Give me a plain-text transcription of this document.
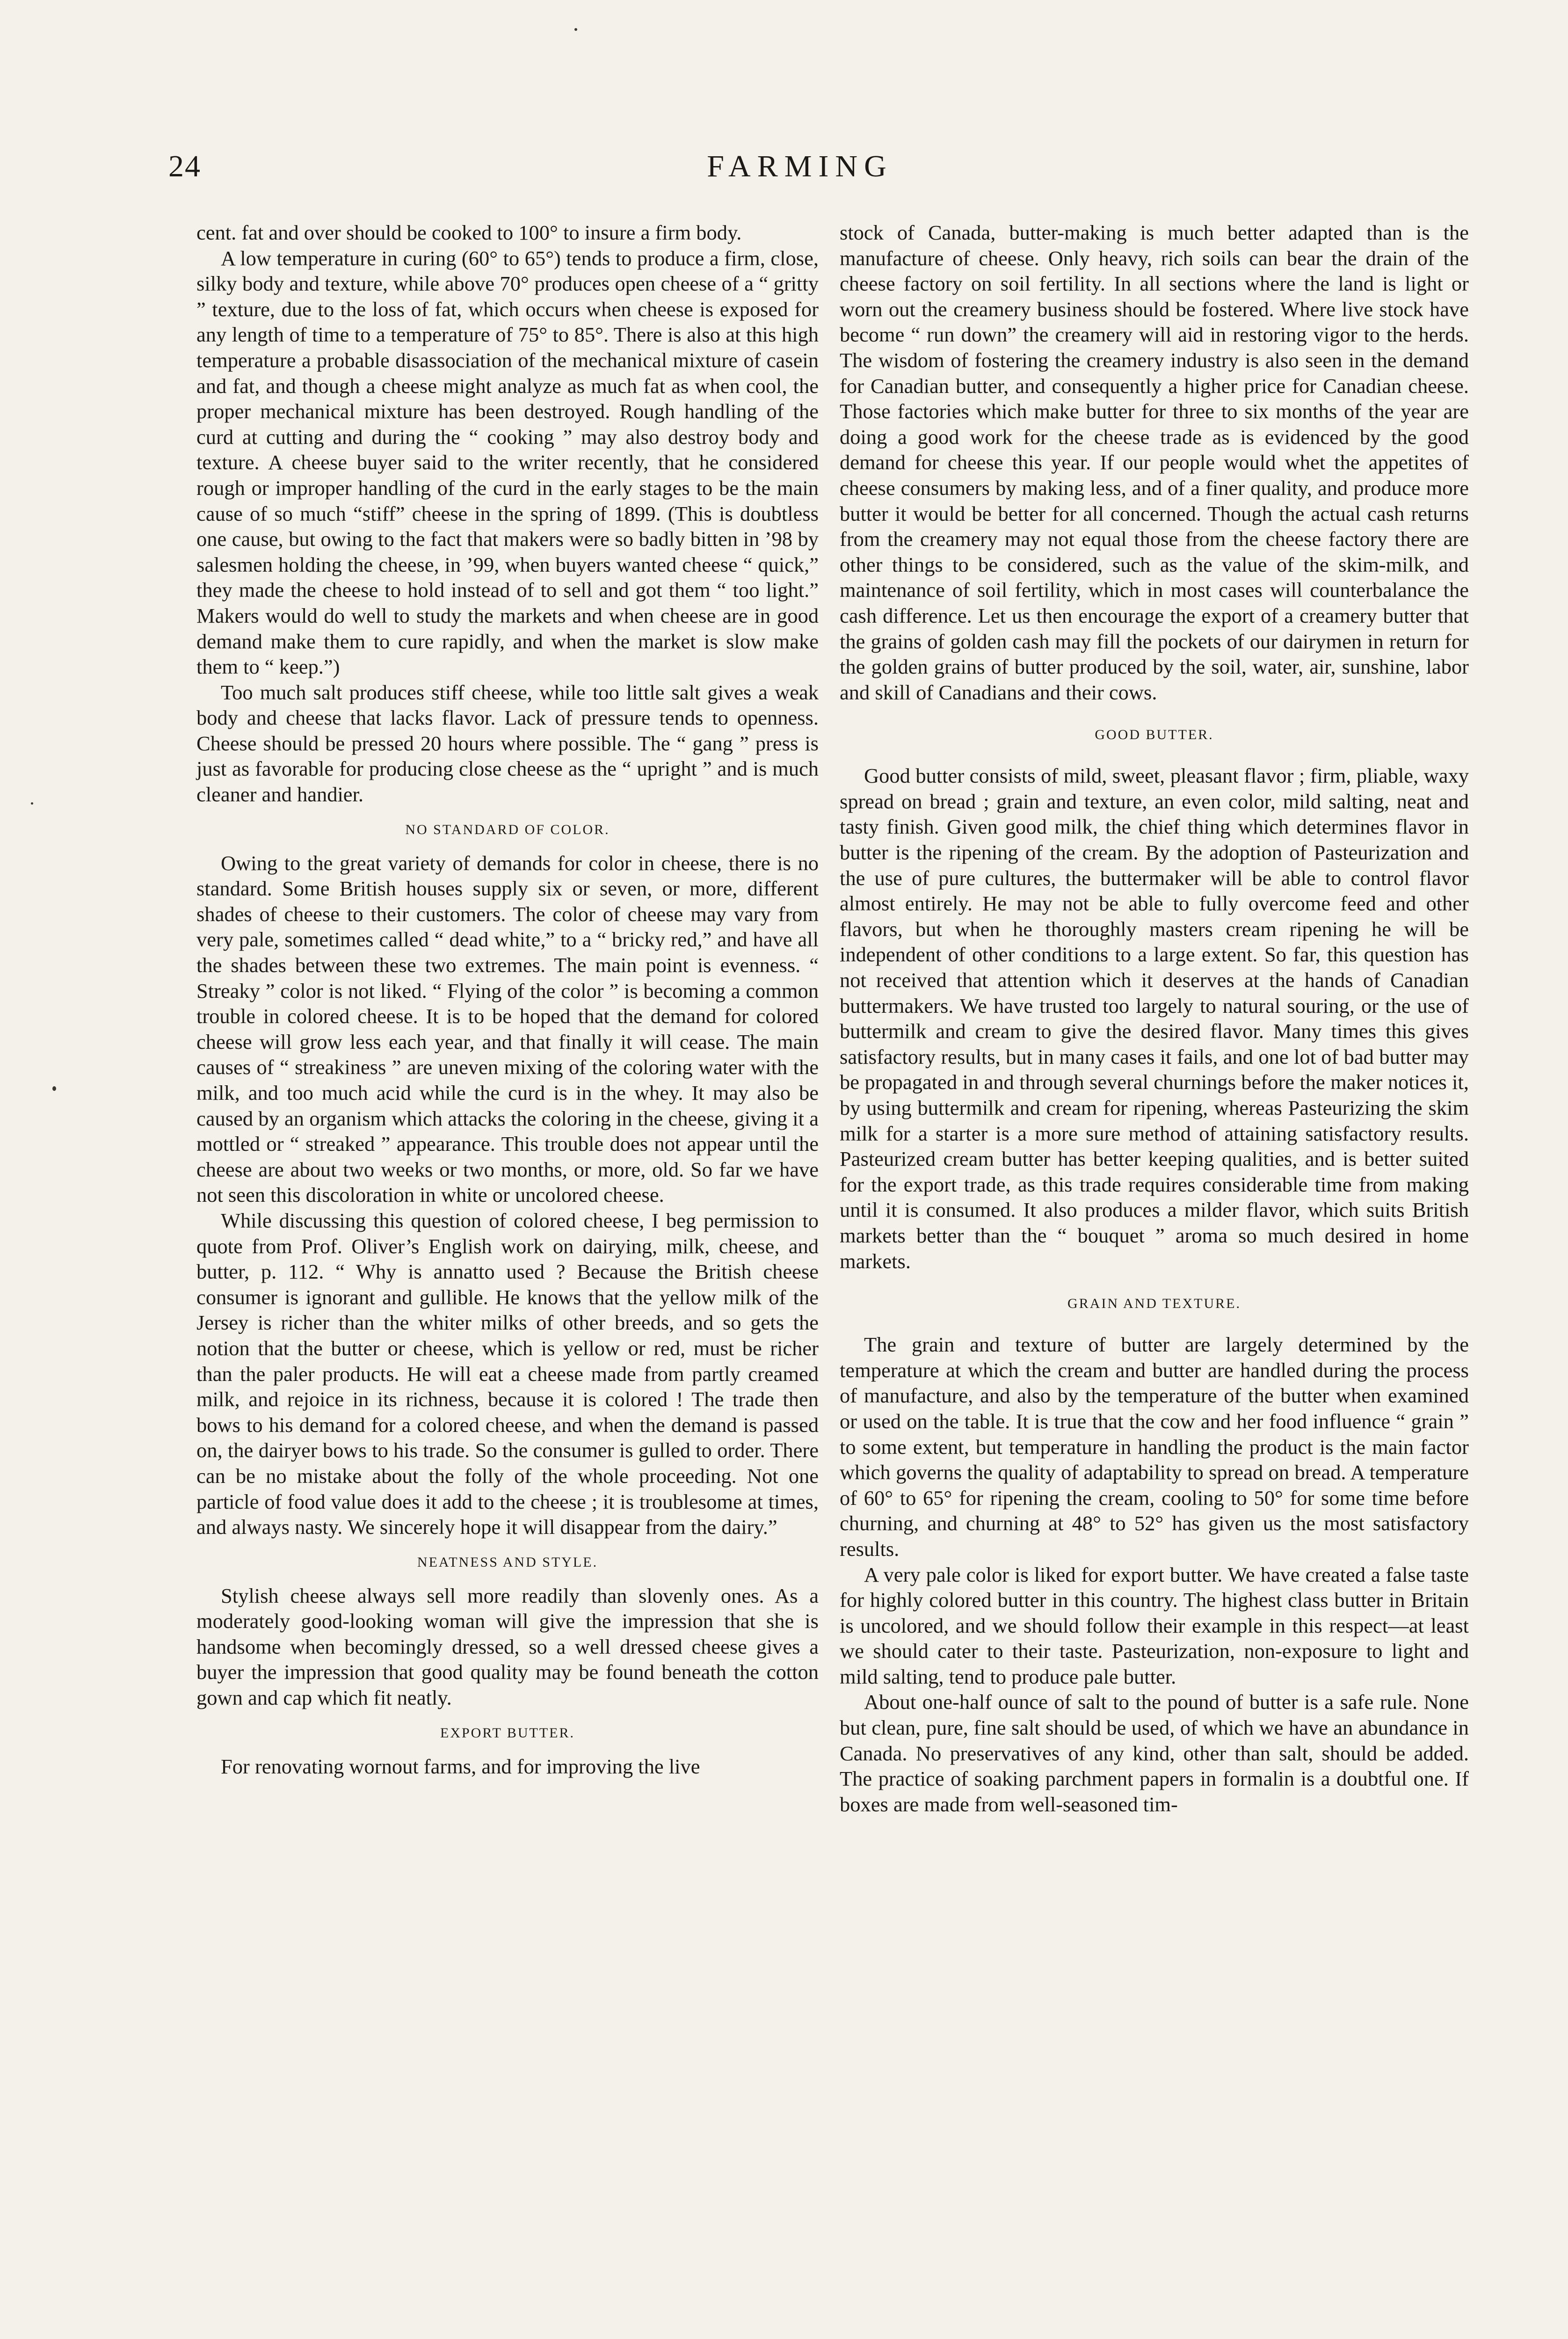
24	FARMING

cent. fat and over should be cooked to 100° to insure a firm body.

A low temperature in curing (60° to 65°) tends to produce a firm, close, silky body and texture, while above 70° produces open cheese of a “ gritty ” texture, due to the loss of fat, which occurs when cheese is exposed for any length of time to a temperature of 75° to 85°. There is also at this high temperature a probable disassociation of the mechanical mixture of casein and fat, and though a cheese might analyze as much fat as when cool, the proper mechanical mixture has been destroyed. Rough handling of the curd at cutting and during the “ cooking ” may also destroy body and texture. A cheese buyer said to the writer recently, that he considered rough or improper handling of the curd in the early stages to be the main cause of so much “stiff” cheese in the spring of 1899. (This is doubtless one cause, but owing to the fact that makers were so badly bitten in ’98 by salesmen holding the cheese, in ’99, when buyers wanted cheese “ quick,” they made the cheese to hold instead of to sell and got them “ too light.” Makers would do well to study the markets and when cheese are in good demand make them to cure rapidly, and when the market is slow make them to “ keep.”)

Too much salt produces stiff cheese, while too little salt gives a weak body and cheese that lacks flavor. Lack of pressure tends to openness. Cheese should be pressed 20 hours where possible. The “ gang ” press is just as favorable for producing close cheese as the “ upright ” and is much cleaner and handier.

NO STANDARD OF COLOR.

Owing to the great variety of demands for color in cheese, there is no standard. Some British houses supply six or seven, or more, different shades of cheese to their customers. The color of cheese may vary from very pale, sometimes called “ dead white,” to a “ bricky red,” and have all the shades between these two extremes. The main point is evenness. “ Streaky ” color is not liked. “ Flying of the color ” is becoming a common trouble in colored cheese. It is to be hoped that the demand for colored cheese will grow less each year, and that finally it will cease. The main causes of “ streakiness ” are uneven mixing of the coloring water with the milk, and too much acid while the curd is in the whey. It may also be caused by an organism which attacks the coloring in the cheese, giving it a mottled or “ streaked ” appearance. This trouble does not appear until the cheese are about two weeks or two months, or more, old. So far we have not seen this discoloration in white or uncolored cheese.

While discussing this question of colored cheese, I beg permission to quote from Prof. Oliver’s English work on dairying, milk, cheese, and butter, p. 112. “ Why is annatto used ? Because the British cheese consumer is ignorant and gullible. He knows that the yellow milk of the Jersey is richer than the whiter milks of other breeds, and so gets the notion that the butter or cheese, which is yellow or red, must be richer than the paler products. He will eat a cheese made from partly creamed milk, and rejoice in its richness, because it is colored ! The trade then bows to his demand for a colored cheese, and when the demand is passed on, the dairyer bows to his trade. So the consumer is gulled to order. There can be no mistake about the folly of the whole proceeding. Not one particle of food value does it add to the cheese ; it is troublesome at times, and always nasty. We sincerely hope it will disappear from the dairy.”

NEATNESS AND STYLE.

Stylish cheese always sell more readily than slovenly ones. As a moderately good-looking woman will give the impression that she is handsome when becomingly dressed, so a well dressed cheese gives a buyer the impression that good quality may be found beneath the cotton gown and cap which fit neatly.

EXPORT BUTTER.

For renovating wornout farms, and for improving the live

stock of Canada, butter-making is much better adapted than is the manufacture of cheese. Only heavy, rich soils can bear the drain of the cheese factory on soil fertility. In all sections where the land is light or worn out the creamery business should be fostered. Where live stock have become “ run down” the creamery will aid in restoring vigor to the herds. The wisdom of fostering the creamery industry is also seen in the demand for Canadian butter, and consequently a higher price for Canadian cheese. Those factories which make butter for three to six months of the year are doing a good work for the cheese trade as is evidenced by the good demand for cheese this year. If our people would whet the appetites of cheese consumers by making less, and of a finer quality, and produce more butter it would be better for all concerned. Though the actual cash returns from the creamery may not equal those from the cheese factory there are other things to be considered, such as the value of the skim-milk, and maintenance of soil fertility, which in most cases will counterbalance the cash difference. Let us then encourage the export of a creamery butter that the grains of golden cash may fill the pockets of our dairymen in return for the golden grains of butter produced by the soil, water, air, sunshine, labor and skill of Canadians and their cows.

GOOD BUTTER.

Good butter consists of mild, sweet, pleasant flavor ; firm, pliable, waxy spread on bread ; grain and texture, an even color, mild salting, neat and tasty finish. Given good milk, the chief thing which determines flavor in butter is the ripening of the cream. By the adoption of Pasteurization and the use of pure cultures, the buttermaker will be able to control flavor almost entirely. He may not be able to fully overcome feed and other flavors, but when he thoroughly masters cream ripening he will be independent of other conditions to a large extent. So far, this question has not received that attention which it deserves at the hands of Canadian buttermakers. We have trusted too largely to natural souring, or the use of buttermilk and cream to give the desired flavor. Many times this gives satisfactory results, but in many cases it fails, and one lot of bad butter may be propagated in and through several churnings before the maker notices it, by using buttermilk and cream for ripening, whereas Pasteurizing the skim milk for a starter is a more sure method of attaining satisfactory results. Pasteurized cream butter has better keeping qualities, and is better suited for the export trade, as this trade requires considerable time from making until it is consumed. It also produces a milder flavor, which suits British markets better than the “ bouquet ” aroma so much desired in home markets.

GRAIN AND TEXTURE.

The grain and texture of butter are largely determined by the temperature at which the cream and butter are handled during the process of manufacture, and also by the temperature of the butter when examined or used on the table. It is true that the cow and her food influence “ grain ” to some extent, but temperature in handling the product is the main factor which governs the quality of adaptability to spread on bread. A temperature of 60° to 65° for ripening the cream, cooling to 50° for some time before churning, and churning at 48° to 52° has given us the most satisfactory results.

A very pale color is liked for export butter. We have created a false taste for highly colored butter in this country. The highest class butter in Britain is uncolored, and we should follow their example in this respect—at least we should cater to their taste. Pasteurization, non-exposure to light and mild salting, tend to produce pale butter.

About one-half ounce of salt to the pound of butter is a safe rule. None but clean, pure, fine salt should be used, of which we have an abundance in Canada. No preservatives of any kind, other than salt, should be added. The practice of soaking parchment papers in formalin is a doubtful one. If boxes are made from well-seasoned tim-
